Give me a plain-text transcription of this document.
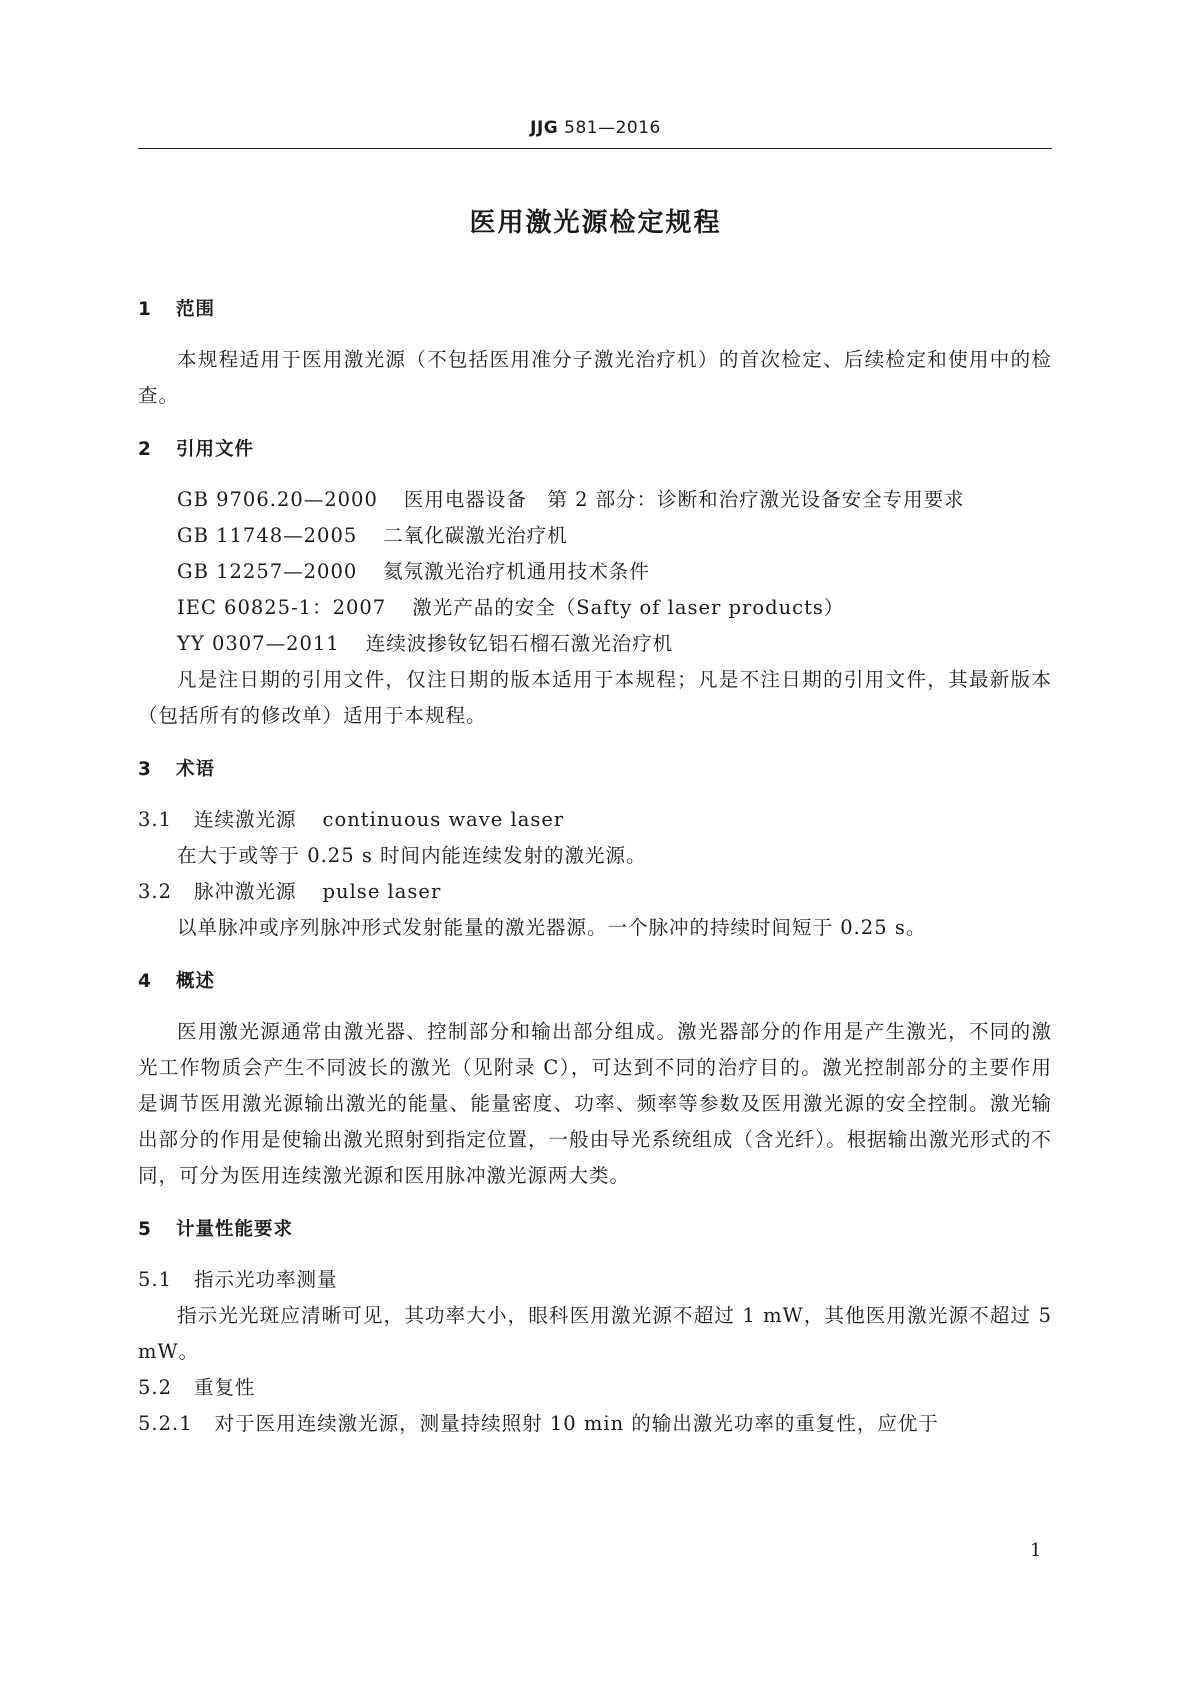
JJG 581—2016
医用激光源检定规程
1 范围
本规程适用于医用激光源（不包括医用准分子激光治疗机）的首次检定、后续检定和使用中的检查。
2 引用文件
GB 9706.20—2000 医用电器设备　第 2 部分：诊断和治疗激光设备安全专用要求
GB 11748—2005 二氧化碳激光治疗机
GB 12257—2000 氦氖激光治疗机通用技术条件
IEC 60825-1：2007 激光产品的安全（Safty of laser products）
YY 0307—2011 连续波掺钕钇铝石榴石激光治疗机
凡是注日期的引用文件，仅注日期的版本适用于本规程；凡是不注日期的引用文件，其最新版本（包括所有的修改单）适用于本规程。
3 术语
3.1 连续激光源 continuous wave laser
在大于或等于 0.25 s 时间内能连续发射的激光源。
3.2 脉冲激光源 pulse laser
以单脉冲或序列脉冲形式发射能量的激光器源。一个脉冲的持续时间短于 0.25 s。
4 概述
医用激光源通常由激光器、控制部分和输出部分组成。激光器部分的作用是产生激光，不同的激光工作物质会产生不同波长的激光（见附录 C），可达到不同的治疗目的。激光控制部分的主要作用是调节医用激光源输出激光的能量、能量密度、功率、频率等参数及医用激光源的安全控制。激光输出部分的作用是使输出激光照射到指定位置，一般由导光系统组成（含光纤）。根据输出激光形式的不同，可分为医用连续激光源和医用脉冲激光源两大类。
5 计量性能要求
5.1 指示光功率测量
指示光光斑应清晰可见，其功率大小，眼科医用激光源不超过 1 mW，其他医用激光源不超过 5 mW。
5.2 重复性
5.2.1 对于医用连续激光源，测量持续照射 10 min 的输出激光功率的重复性，应优于
1
